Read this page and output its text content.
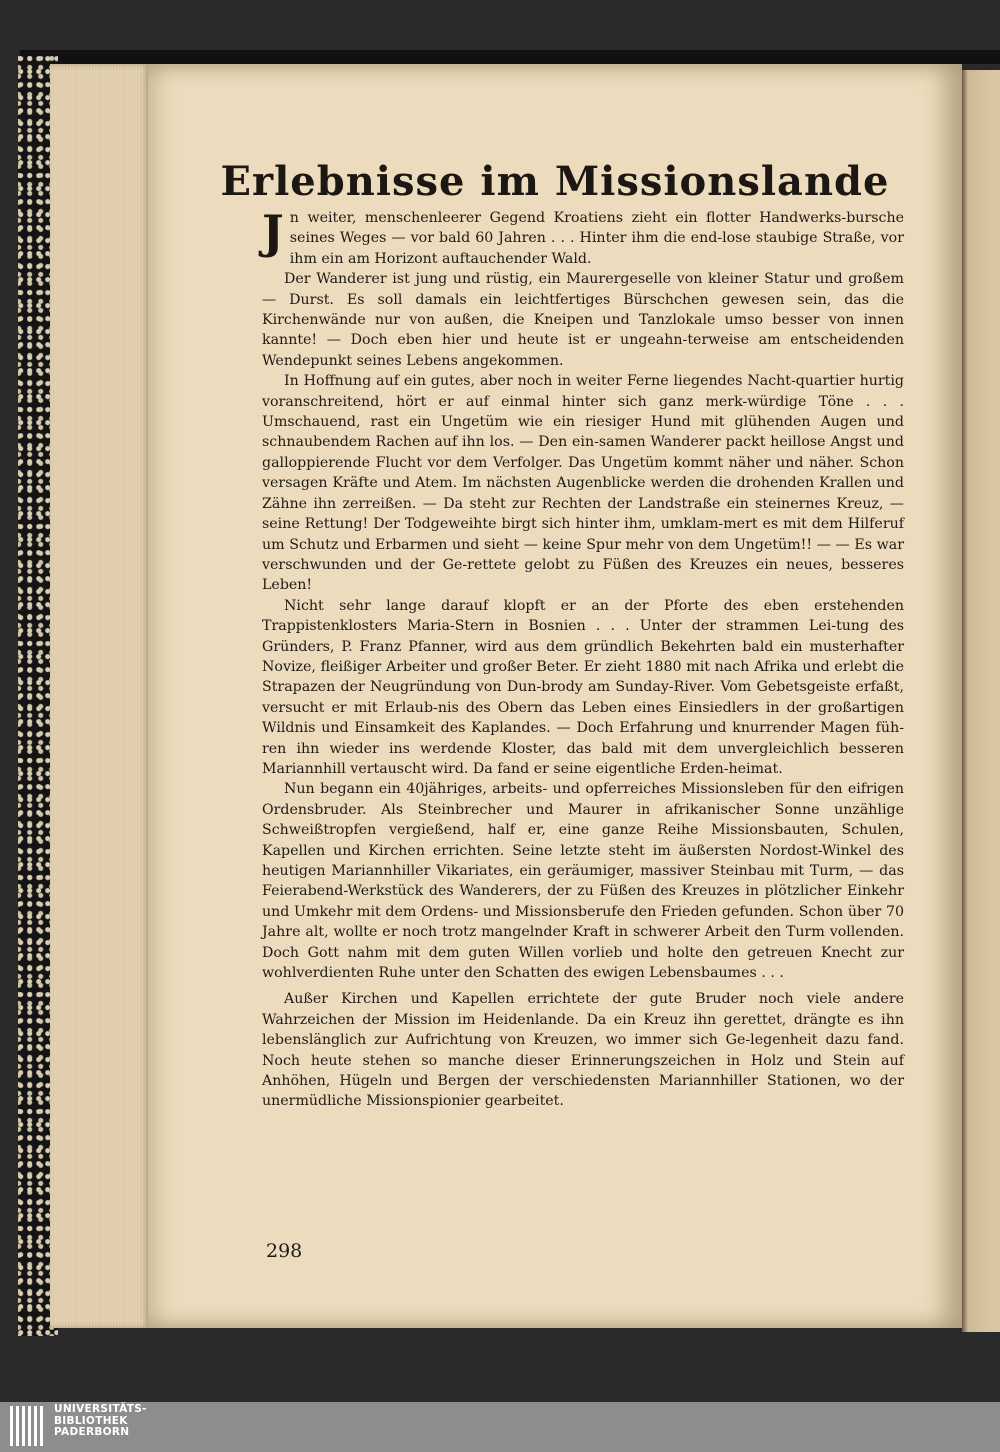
Erlebnisse im Missionslande

Jn weiter, menschenleerer Gegend Kroatiens zieht ein flotter Handwerks-bursche seines Weges — vor bald 60 Jahren . . . Hinter ihm die end-lose staubige Straße, vor ihm ein am Horizont auftauchender Wald.

Der Wanderer ist jung und rüstig, ein Maurergeselle von kleiner Statur und großem — Durst. Es soll damals ein leichtfertiges Bürschchen gewesen sein, das die Kirchenwände nur von außen, die Kneipen und Tanzlokale umso besser von innen kannte! — Doch eben hier und heute ist er ungeahn-terweise am entscheidenden Wendepunkt seines Lebens angekommen.

In Hoffnung auf ein gutes, aber noch in weiter Ferne liegendes Nacht-quartier hurtig voranschreitend, hört er auf einmal hinter sich ganz merk-würdige Töne . . . Umschauend, rast ein Ungetüm wie ein riesiger Hund mit glühenden Augen und schnaubendem Rachen auf ihn los. — Den ein-samen Wanderer packt heillose Angst und galloppierende Flucht vor dem Verfolger. Das Ungetüm kommt näher und näher. Schon versagen Kräfte und Atem. Im nächsten Augenblicke werden die drohenden Krallen und Zähne ihn zerreißen. — Da steht zur Rechten der Landstraße ein steinernes Kreuz, — seine Rettung! Der Todgeweihte birgt sich hinter ihm, umklam-mert es mit dem Hilferuf um Schutz und Erbarmen und sieht — keine Spur mehr von dem Ungetüm!! — — Es war verschwunden und der Ge-rettete gelobt zu Füßen des Kreuzes ein neues, besseres Leben!

Nicht sehr lange darauf klopft er an der Pforte des eben erstehenden Trappistenklosters Maria-Stern in Bosnien . . . Unter der strammen Lei-tung des Gründers, P. Franz Pfanner, wird aus dem gründlich Bekehrten bald ein musterhafter Novize, fleißiger Arbeiter und großer Beter. Er zieht 1880 mit nach Afrika und erlebt die Strapazen der Neugründung von Dun-brody am Sunday-River. Vom Gebetsgeiste erfaßt, versucht er mit Erlaub-nis des Obern das Leben eines Einsiedlers in der großartigen Wildnis und Einsamkeit des Kaplandes. — Doch Erfahrung und knurrender Magen füh-ren ihn wieder ins werdende Kloster, das bald mit dem unvergleichlich besseren Mariannhill vertauscht wird. Da fand er seine eigentliche Erden-heimat.

Nun begann ein 40jähriges, arbeits- und opferreiches Missionsleben für den eifrigen Ordensbruder. Als Steinbrecher und Maurer in afrikanischer Sonne unzählige Schweißtropfen vergießend, half er, eine ganze Reihe Missionsbauten, Schulen, Kapellen und Kirchen errichten. Seine letzte steht im äußersten Nordost-Winkel des heutigen Mariannhiller Vikariates, ein geräumiger, massiver Steinbau mit Turm, — das Feierabend-Werkstück des Wanderers, der zu Füßen des Kreuzes in plötzlicher Einkehr und Umkehr mit dem Ordens- und Missionsberufe den Frieden gefunden. Schon über 70 Jahre alt, wollte er noch trotz mangelnder Kraft in schwerer Arbeit den Turm vollenden. Doch Gott nahm mit dem guten Willen vorlieb und holte den getreuen Knecht zur wohlverdienten Ruhe unter den Schatten des ewigen Lebensbaumes . . .

Außer Kirchen und Kapellen errichtete der gute Bruder noch viele andere Wahrzeichen der Mission im Heidenlande. Da ein Kreuz ihn gerettet, drängte es ihn lebenslänglich zur Aufrichtung von Kreuzen, wo immer sich Ge-legenheit dazu fand. Noch heute stehen so manche dieser Erinnerungszeichen in Holz und Stein auf Anhöhen, Hügeln und Bergen der verschiedensten Mariannhiller Stationen, wo der unermüdliche Missionspionier gearbeitet.

298
UNIVERSITÄTS-
BIBLIOTHEK
PADERBORN
